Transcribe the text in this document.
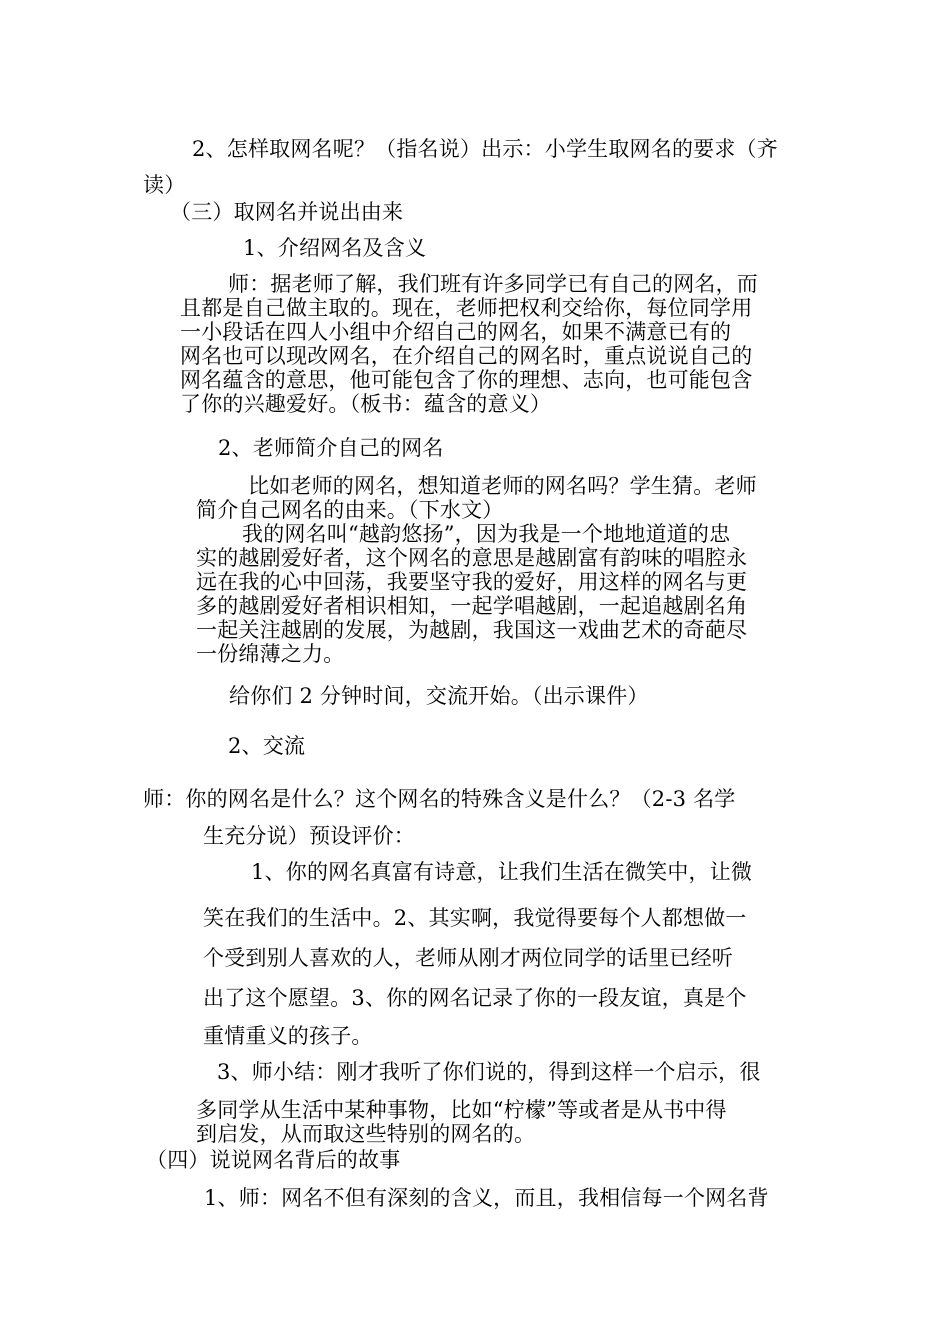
2、怎样取网名呢？（指名说）出示：小学生取网名的要求（齐

读）

（三）取网名并说出由来

1、介绍网名及含义

师：据老师了解，我们班有许多同学已有自己的网名，而
且都是自己做主取的。现在，老师把权利交给你，每位同学用
一小段话在四人小组中介绍自己的网名，如果不满意已有的
网名也可以现改网名，在介绍自己的网名时，重点说说自己的
网名蕴含的意思，他可能包含了你的理想、志向，也可能包含
了你的兴趣爱好。（板书：蕴含的意义）

2、老师简介自己的网名

比如老师的网名，想知道老师的网名吗？学生猜。老师
简介自己网名的由来。（下水文）
我的网名叫“越韵悠扬”，因为我是一个地地道道的忠
实的越剧爱好者，这个网名的意思是越剧富有韵味的唱腔永
远在我的心中回荡，我要坚守我的爱好，用这样的网名与更
多的越剧爱好者相识相知，一起学唱越剧，一起追越剧名角
一起关注越剧的发展，为越剧，我国这一戏曲艺术的奇葩尽
一份绵薄之力。

给你们 2 分钟时间，交流开始。（出示课件）

2、交流

师：你的网名是什么？这个网名的特殊含义是什么？（2-3 名学

生充分说）预设评价：

1、你的网名真富有诗意，让我们生活在微笑中，让微

笑在我们的生活中。2、其实啊，我觉得要每个人都想做一

个受到别人喜欢的人，老师从刚才两位同学的话里已经听

出了这个愿望。3、你的网名记录了你的一段友谊，真是个

重情重义的孩子。

3、师小结：刚才我听了你们说的，得到这样一个启示，很

多同学从生活中某种事物，比如“柠檬”等或者是从书中得
到启发，从而取这些特别的网名的。

（四）说说网名背后的故事

1、师：网名不但有深刻的含义，而且，我相信每一个网名背
